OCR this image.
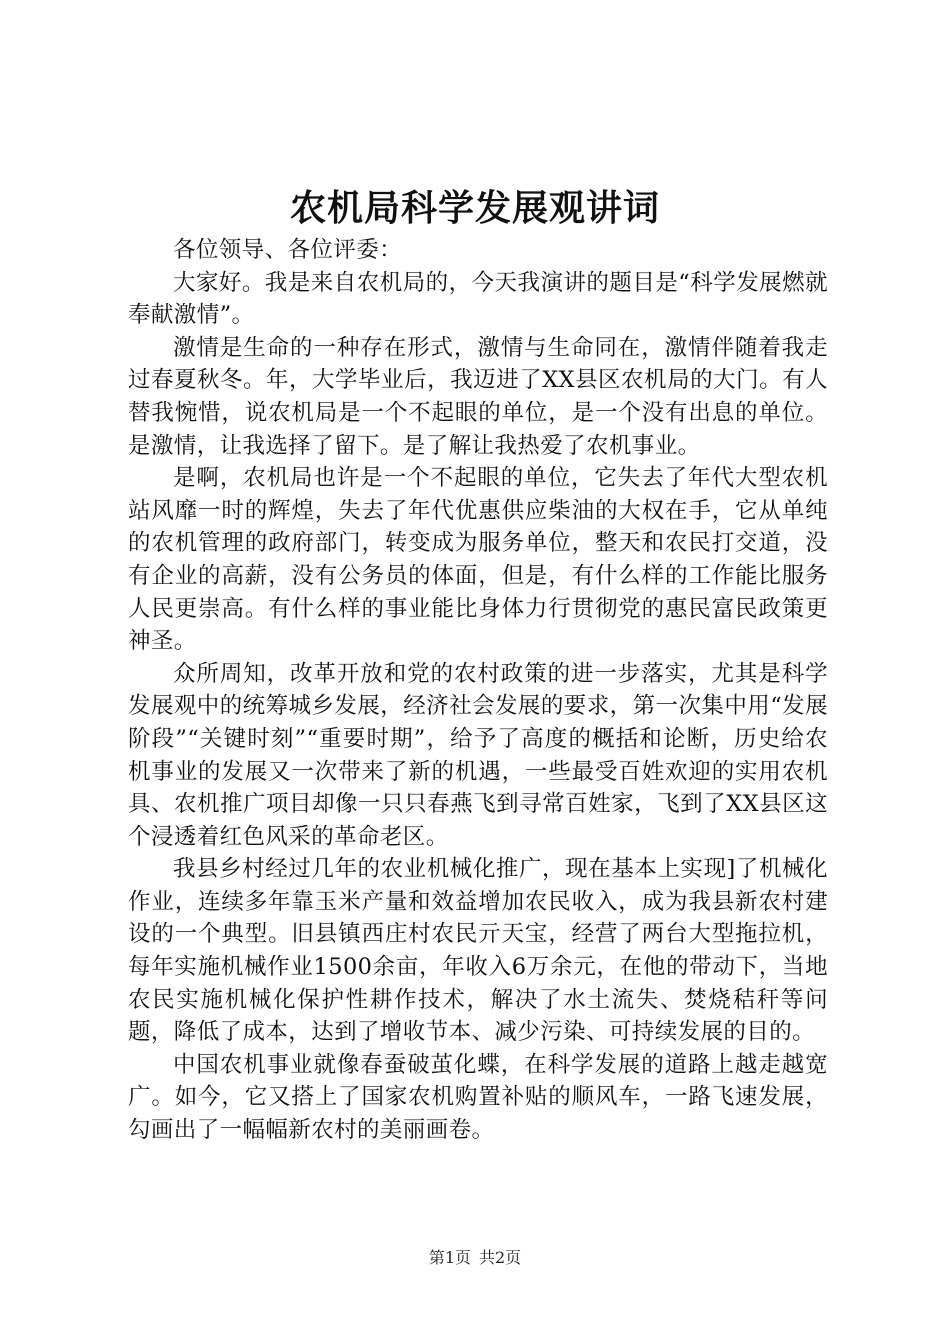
农机局科学发展观讲词

各位领导、各位评委：

大家好。我是来自农机局的，今天我演讲的题目是“科学发展燃就奉献激情”。

激情是生命的一种存在形式，激情与生命同在，激情伴随着我走过春夏秋冬。年，大学毕业后，我迈进了XX县区农机局的大门。有人替我惋惜，说农机局是一个不起眼的单位，是一个没有出息的单位。是激情，让我选择了留下。是了解让我热爱了农机事业。

是啊，农机局也许是一个不起眼的单位，它失去了年代大型农机站风靡一时的辉煌，失去了年代优惠供应柴油的大权在手，它从单纯的农机管理的政府部门，转变成为服务单位，整天和农民打交道，没有企业的高薪，没有公务员的体面，但是，有什么样的工作能比服务人民更崇高。有什么样的事业能比身体力行贯彻党的惠民富民政策更神圣。

众所周知，改革开放和党的农村政策的进一步落实，尤其是科学发展观中的统筹城乡发展，经济社会发展的要求，第一次集中用“发展阶段”“关键时刻”“重要时期”，给予了高度的概括和论断，历史给农机事业的发展又一次带来了新的机遇，一些最受百姓欢迎的实用农机具、农机推广项目却像一只只春燕飞到寻常百姓家，飞到了XX县区这个浸透着红色风采的革命老区。

我县乡村经过几年的农业机械化推广，现在基本上实现]了机械化作业，连续多年靠玉米产量和效益增加农民收入，成为我县新农村建设的一个典型。旧县镇西庄村农民亓天宝，经营了两台大型拖拉机，每年实施机械作业1500余亩，年收入6万余元，在他的带动下，当地农民实施机械化保护性耕作技术，解决了水土流失、焚烧秸秆等问题，降低了成本，达到了增收节本、减少污染、可持续发展的目的。

中国农机事业就像春蚕破茧化蝶，在科学发展的道路上越走越宽广。如今，它又搭上了国家农机购置补贴的顺风车，一路飞速发展，勾画出了一幅幅新农村的美丽画卷。

第1页 共2页
